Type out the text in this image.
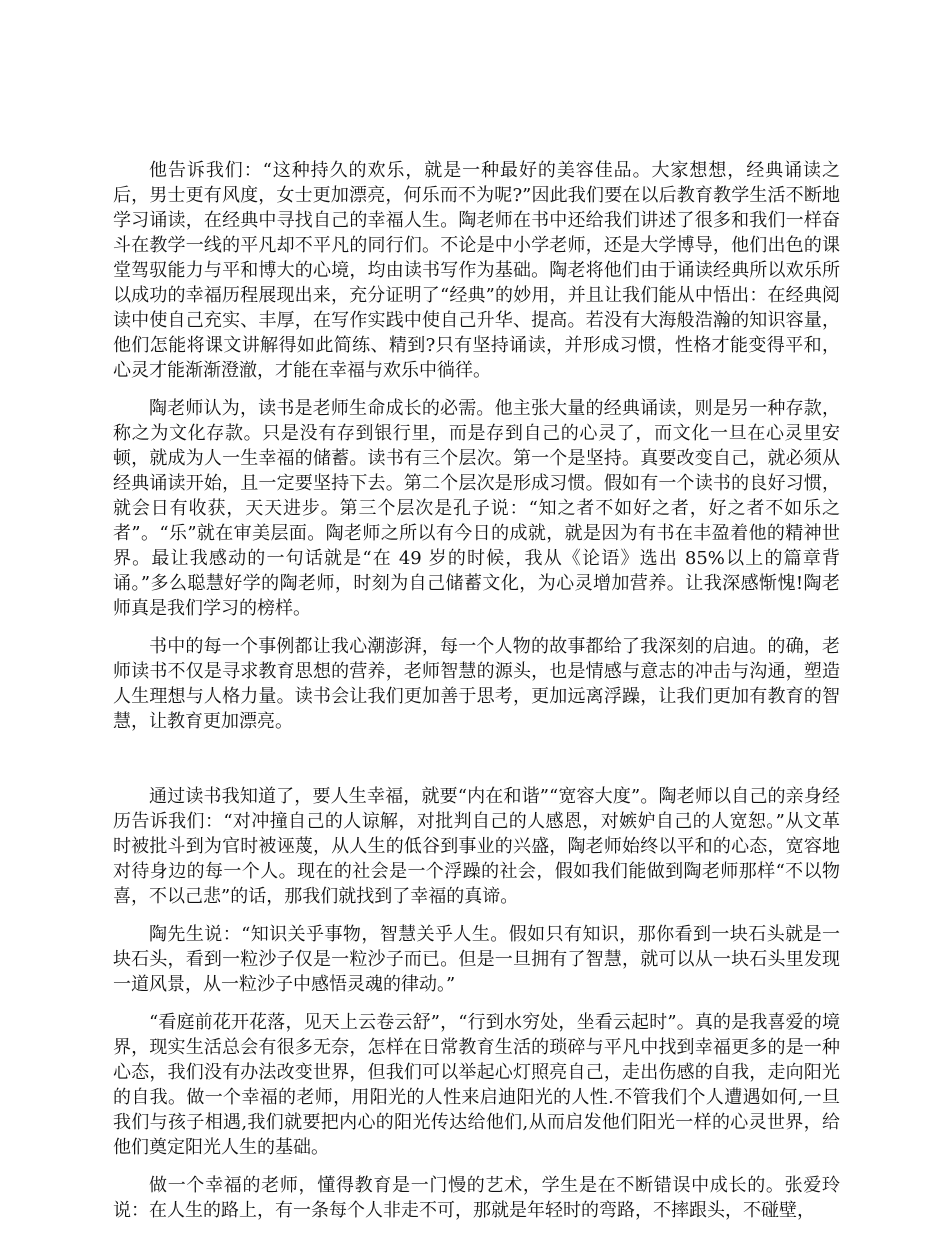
他告诉我们：“这种持久的欢乐，就是一种最好的美容佳品。大家想想，经典诵读之后，男士更有风度，女士更加漂亮，何乐而不为呢?”因此我们要在以后教育教学生活不断地学习诵读，在经典中寻找自己的幸福人生。陶老师在书中还给我们讲述了很多和我们一样奋斗在教学一线的平凡却不平凡的同行们。不论是中小学老师，还是大学博导，他们出色的课堂驾驭能力与平和博大的心境，均由读书写作为基础。陶老将他们由于诵读经典所以欢乐所以成功的幸福历程展现出来，充分证明了“经典”的妙用，并且让我们能从中悟出：在经典阅读中使自己充实、丰厚，在写作实践中使自己升华、提高。若没有大海般浩瀚的知识容量，他们怎能将课文讲解得如此简练、精到?只有坚持诵读，并形成习惯，性格才能变得平和，心灵才能渐渐澄澈，才能在幸福与欢乐中徜徉。

陶老师认为，读书是老师生命成长的必需。他主张大量的经典诵读，则是另一种存款，称之为文化存款。只是没有存到银行里，而是存到自己的心灵了，而文化一旦在心灵里安顿，就成为人一生幸福的储蓄。读书有三个层次。第一个是坚持。真要改变自己，就必须从经典诵读开始，且一定要坚持下去。第二个层次是形成习惯。假如有一个读书的良好习惯，就会日有收获，天天进步。第三个层次是孔子说：“知之者不如好之者，好之者不如乐之者”。“乐”就在审美层面。陶老师之所以有今日的成就，就是因为有书在丰盈着他的精神世界。最让我感动的一句话就是“在 49 岁的时候，我从《论语》选出 85%以上的篇章背诵。”多么聪慧好学的陶老师，时刻为自己储蓄文化，为心灵增加营养。让我深感惭愧!陶老师真是我们学习的榜样。

书中的每一个事例都让我心潮澎湃，每一个人物的故事都给了我深刻的启迪。的确，老师读书不仅是寻求教育思想的营养，老师智慧的源头，也是情感与意志的冲击与沟通，塑造人生理想与人格力量。读书会让我们更加善于思考，更加远离浮躁，让我们更加有教育的智慧，让教育更加漂亮。

通过读书我知道了，要人生幸福，就要“内在和谐”“宽容大度”。陶老师以自己的亲身经历告诉我们：“对冲撞自己的人谅解，对批判自己的人感恩，对嫉妒自己的人宽恕。”从文革时被批斗到为官时被诬蔑，从人生的低谷到事业的兴盛，陶老师始终以平和的心态，宽容地对待身边的每一个人。现在的社会是一个浮躁的社会，假如我们能做到陶老师那样“不以物喜，不以己悲”的话，那我们就找到了幸福的真谛。

陶先生说：“知识关乎事物，智慧关乎人生。假如只有知识，那你看到一块石头就是一块石头，看到一粒沙子仅是一粒沙子而已。但是一旦拥有了智慧，就可以从一块石头里发现一道风景，从一粒沙子中感悟灵魂的律动。”

“看庭前花开花落，见天上云卷云舒”，“行到水穷处，坐看云起时”。真的是我喜爱的境界，现实生活总会有很多无奈，怎样在日常教育生活的琐碎与平凡中找到幸福更多的是一种心态，我们没有办法改变世界，但我们可以举起心灯照亮自己，走出伤感的自我，走向阳光的自我。做一个幸福的老师，用阳光的人性来启迪阳光的人性.不管我们个人遭遇如何,一旦我们与孩子相遇,我们就要把内心的阳光传达给他们,从而启发他们阳光一样的心灵世界，给他们奠定阳光人生的基础。

做一个幸福的老师，懂得教育是一门慢的艺术，学生是在不断错误中成长的。张爱玲说：在人生的路上，有一条每个人非走不可，那就是年轻时的弯路，不摔跟头，不碰壁，
